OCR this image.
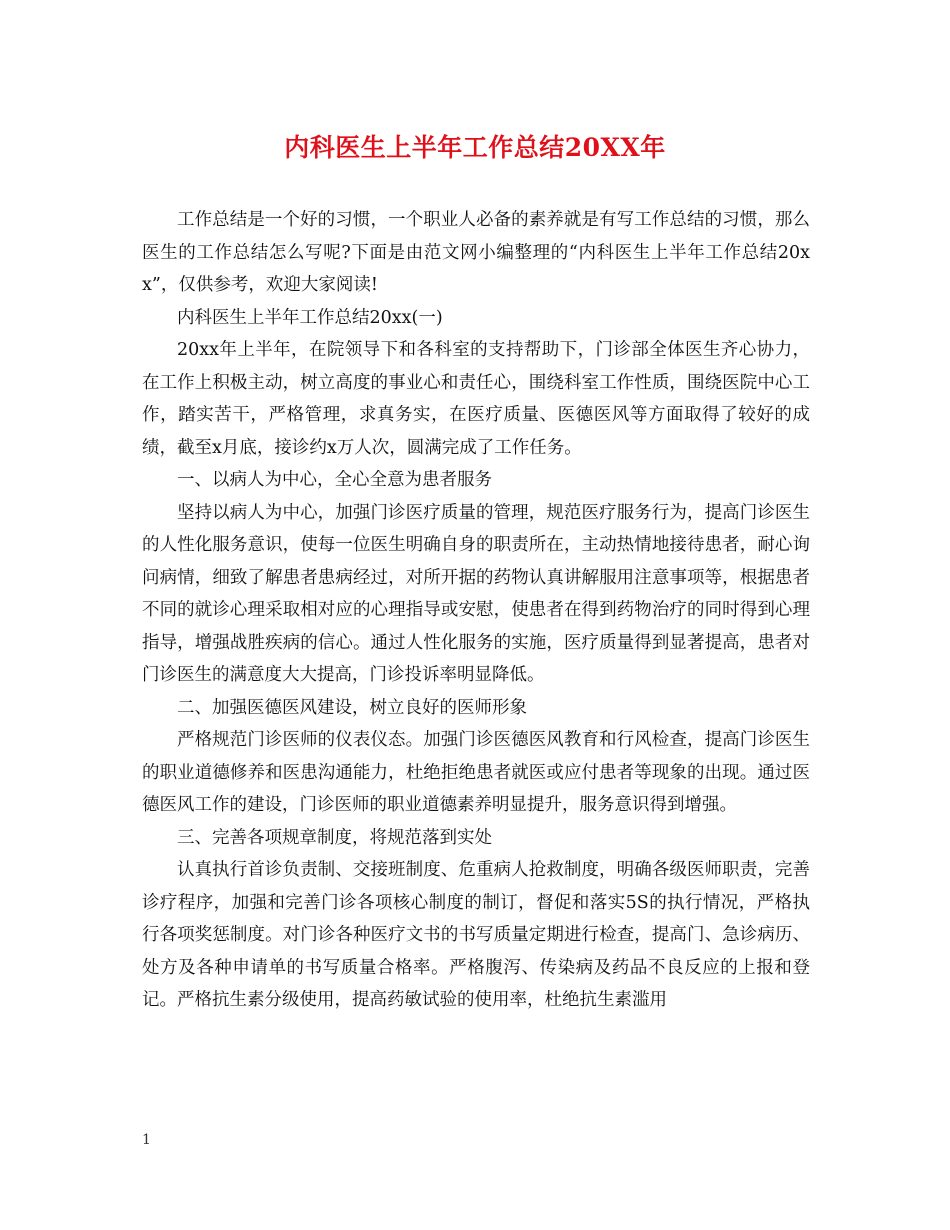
内科医生上半年工作总结20XX年

工作总结是一个好的习惯，一个职业人必备的素养就是有写工作总结的习惯，那么医生的工作总结怎么写呢?下面是由范文网小编整理的“内科医生上半年工作总结20xx”，仅供参考，欢迎大家阅读!

内科医生上半年工作总结20xx(一)

20xx年上半年，在院领导下和各科室的支持帮助下，门诊部全体医生齐心协力，在工作上积极主动，树立高度的事业心和责任心，围绕科室工作性质，围绕医院中心工作，踏实苦干，严格管理，求真务实，在医疗质量、医德医风等方面取得了较好的成绩，截至x月底，接诊约x万人次，圆满完成了工作任务。

一、以病人为中心，全心全意为患者服务

坚持以病人为中心，加强门诊医疗质量的管理，规范医疗服务行为，提高门诊医生的人性化服务意识，使每一位医生明确自身的职责所在，主动热情地接待患者，耐心询问病情，细致了解患者患病经过，对所开据的药物认真讲解服用注意事项等，根据患者不同的就诊心理采取相对应的心理指导或安慰，使患者在得到药物治疗的同时得到心理指导，增强战胜疾病的信心。通过人性化服务的实施，医疗质量得到显著提高，患者对门诊医生的满意度大大提高，门诊投诉率明显降低。

二、加强医德医风建设，树立良好的医师形象

严格规范门诊医师的仪表仪态。加强门诊医德医风教育和行风检查，提高门诊医生的职业道德修养和医患沟通能力，杜绝拒绝患者就医或应付患者等现象的出现。通过医德医风工作的建设，门诊医师的职业道德素养明显提升，服务意识得到增强。

三、完善各项规章制度，将规范落到实处

认真执行首诊负责制、交接班制度、危重病人抢救制度，明确各级医师职责，完善诊疗程序，加强和完善门诊各项核心制度的制订，督促和落实5S的执行情况，严格执行各项奖惩制度。对门诊各种医疗文书的书写质量定期进行检查，提高门、急诊病历、处方及各种申请单的书写质量合格率。严格腹泻、传染病及药品不良反应的上报和登记。严格抗生素分级使用，提高药敏试验的使用率，杜绝抗生素滥用

1
